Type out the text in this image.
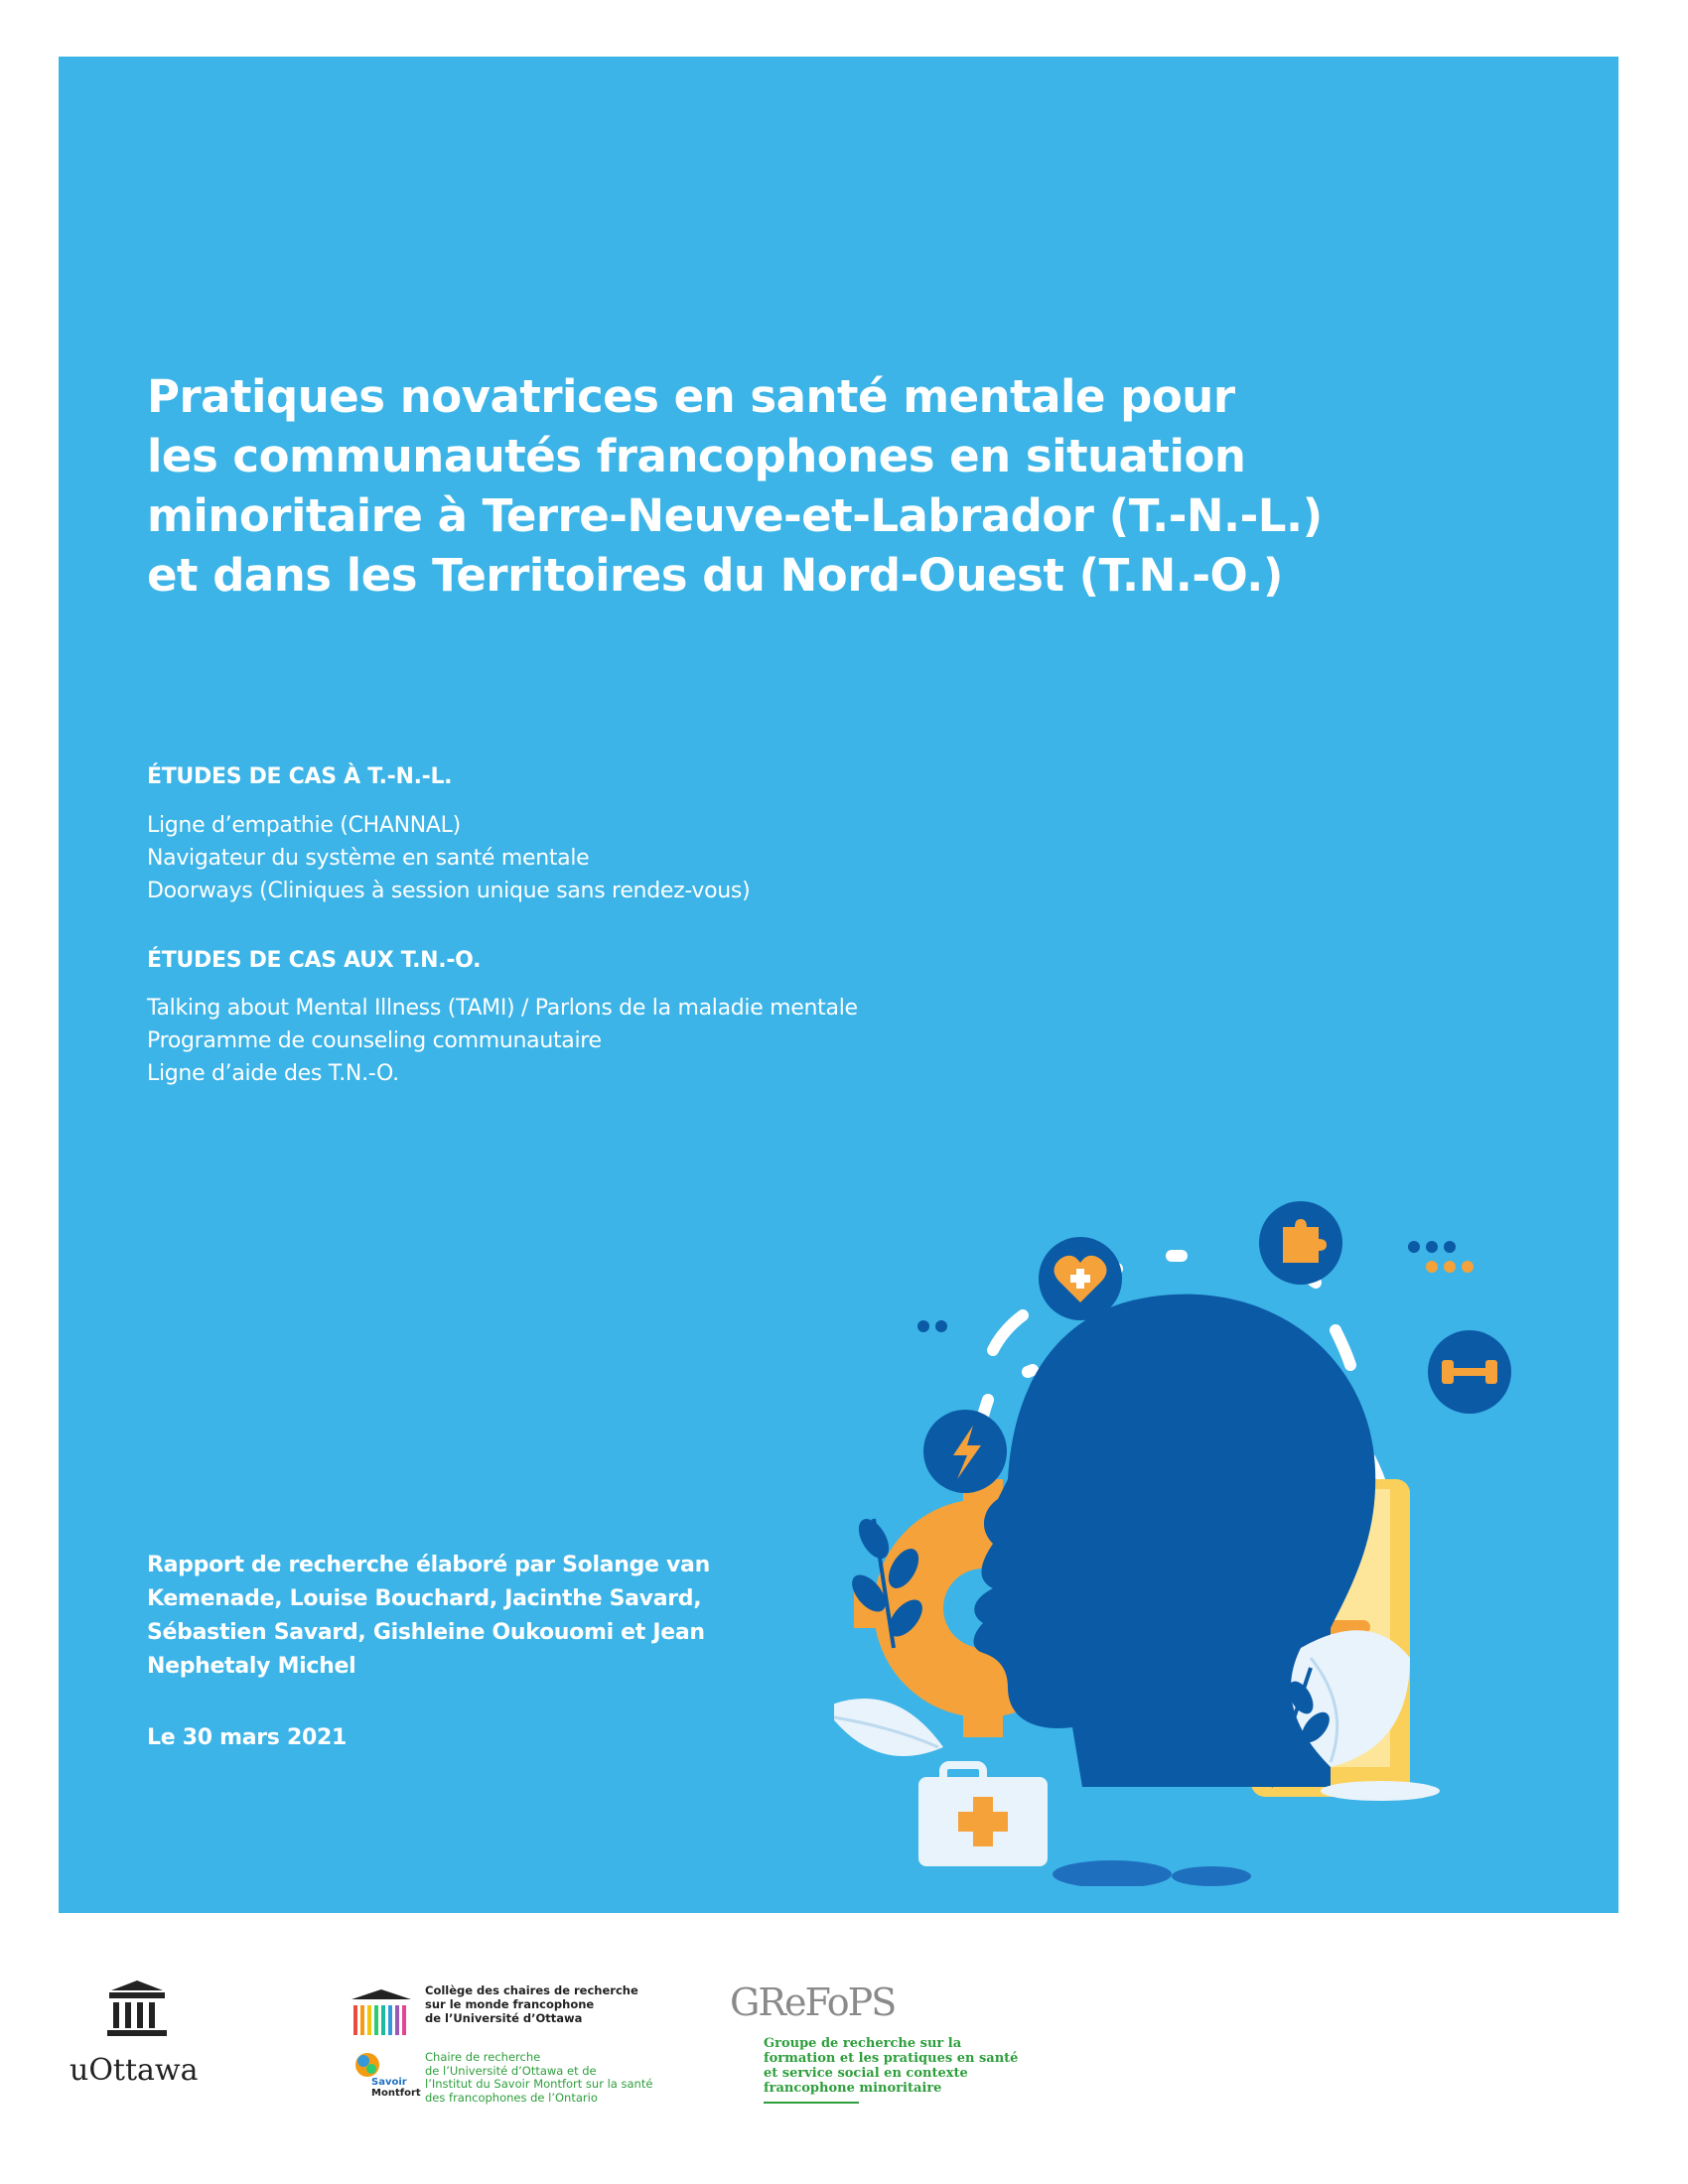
Pratiques novatrices en santé mentale pour
les communautés francophones en situation
minoritaire à Terre-Neuve-et-Labrador (T.-N.-L.)
et dans les Territoires du Nord-Ouest (T.N.-O.)
ÉTUDES DE CAS À T.-N.-L.
Ligne d’empathie (CHANNAL)
Navigateur du système en santé mentale
Doorways (Cliniques à session unique sans rendez-vous)
ÉTUDES DE CAS AUX T.N.-O.
Talking about Mental Illness (TAMI) / Parlons de la maladie mentale
Programme de counseling communautaire
Ligne d’aide des T.N.-O.
Rapport de recherche élaboré par Solange van Kemenade, Louise Bouchard, Jacinthe Savard, Sébastien Savard, Gishleine Oukouomi et Jean Nephetaly Michel
Le 30 mars 2021
uOttawa
Collège des chaires de recherche
sur le monde francophone
de l’Université d’Ottawa
Savoir
Montfort
Chaire de recherche
de l’Université d’Ottawa et de
l’Institut du Savoir Montfort sur la santé
des francophones de l’Ontario
GReFoPS
Groupe de recherche sur la
formation et les pratiques en santé
et service social en contexte
francophone minoritaire
